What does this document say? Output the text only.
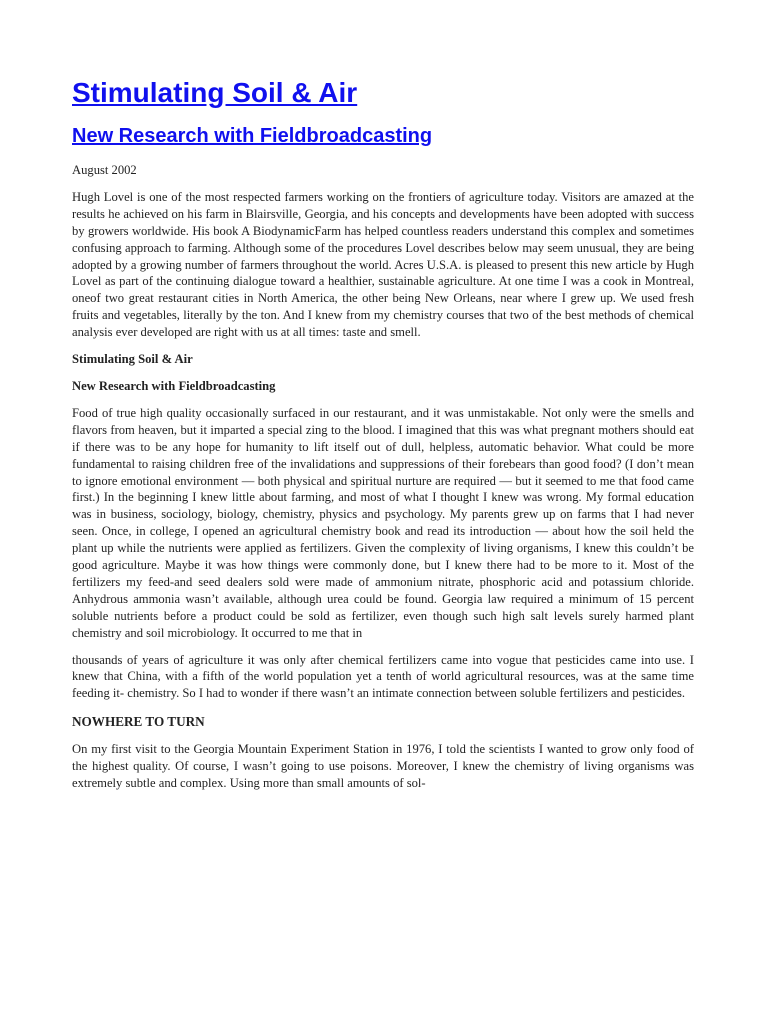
Stimulating Soil & Air
New Research with Fieldbroadcasting
August 2002

Hugh Lovel is one of the most respected farmers working on the frontiers of agriculture today. Visitors are amazed at the results he achieved on his farm in Blairsville, Georgia, and his concepts and developments have been adopted with success by growers worldwide. His book A BiodynamicFarm has helped countless readers understand this complex and sometimes confusing approach to farming. Although some of the procedures Lovel describes below may seem unusual, they are being adopted by a growing number of farmers throughout the world. Acres U.S.A. is pleased to present this new article by Hugh Lovel as part of the continuing dialogue toward a healthier, sustainable agriculture. At one time I was a cook in Montreal, oneof two great restaurant cities in North America, the other being New Orleans, near where I grew up. We used fresh fruits and vegetables, literally by the ton. And I knew from my chemistry courses that two of the best methods of chemical analysis ever developed are right with us at all times: taste and smell.

Stimulating Soil & Air
New Research with Fieldbroadcasting

Food of true high quality occasionally surfaced in our restaurant, and it was unmistakable. Not only were the smells and flavors from heaven, but it imparted a special zing to the blood. I imagined that this was what pregnant mothers should eat if there was to be any hope for humanity to lift itself out of dull, helpless, automatic behavior. What could be more fundamental to raising children free of the invalidations and suppressions of their forebears than good food? (I don’t mean to ignore emotional environment — both physical and spiritual nurture are required — but it seemed to me that food came first.) In the beginning I knew little about farming, and most of what I thought I knew was wrong. My formal education was in business, sociology, biology, chemistry, physics and psychology. My parents grew up on farms that I had never seen. Once, in college, I opened an agricultural chemistry book and read its introduction — about how the soil held the plant up while the nutrients were applied as fertilizers. Given the complexity of living organisms, I knew this couldn’t be good agriculture. Maybe it was how things were commonly done, but I knew there had to be more to it. Most of the fertilizers my feed-and seed dealers sold were made of ammonium nitrate, phosphoric acid and potassium chloride. Anhydrous ammonia wasn’t available, although urea could be found. Georgia law required a minimum of 15 percent soluble nutrients before a product could be sold as fertilizer, even though such high salt levels surely harmed plant chemistry and soil microbiology. It occurred to me that in

thousands of years of agriculture it was only after chemical fertilizers came into vogue that pesticides came into use. I knew that China, with a fifth of the world population yet a tenth of world agricultural resources, was at the same time feeding it- chemistry. So I had to wonder if there wasn’t an intimate connection between soluble fertilizers and pesticides.

NOWHERE TO TURN

On my first visit to the Georgia Mountain Experiment Station in 1976, I told the scientists I wanted to grow only food of the highest quality. Of course, I wasn’t going to use poisons. Moreover, I knew the chemistry of living organisms was extremely subtle and complex. Using more than small amounts of sol-
